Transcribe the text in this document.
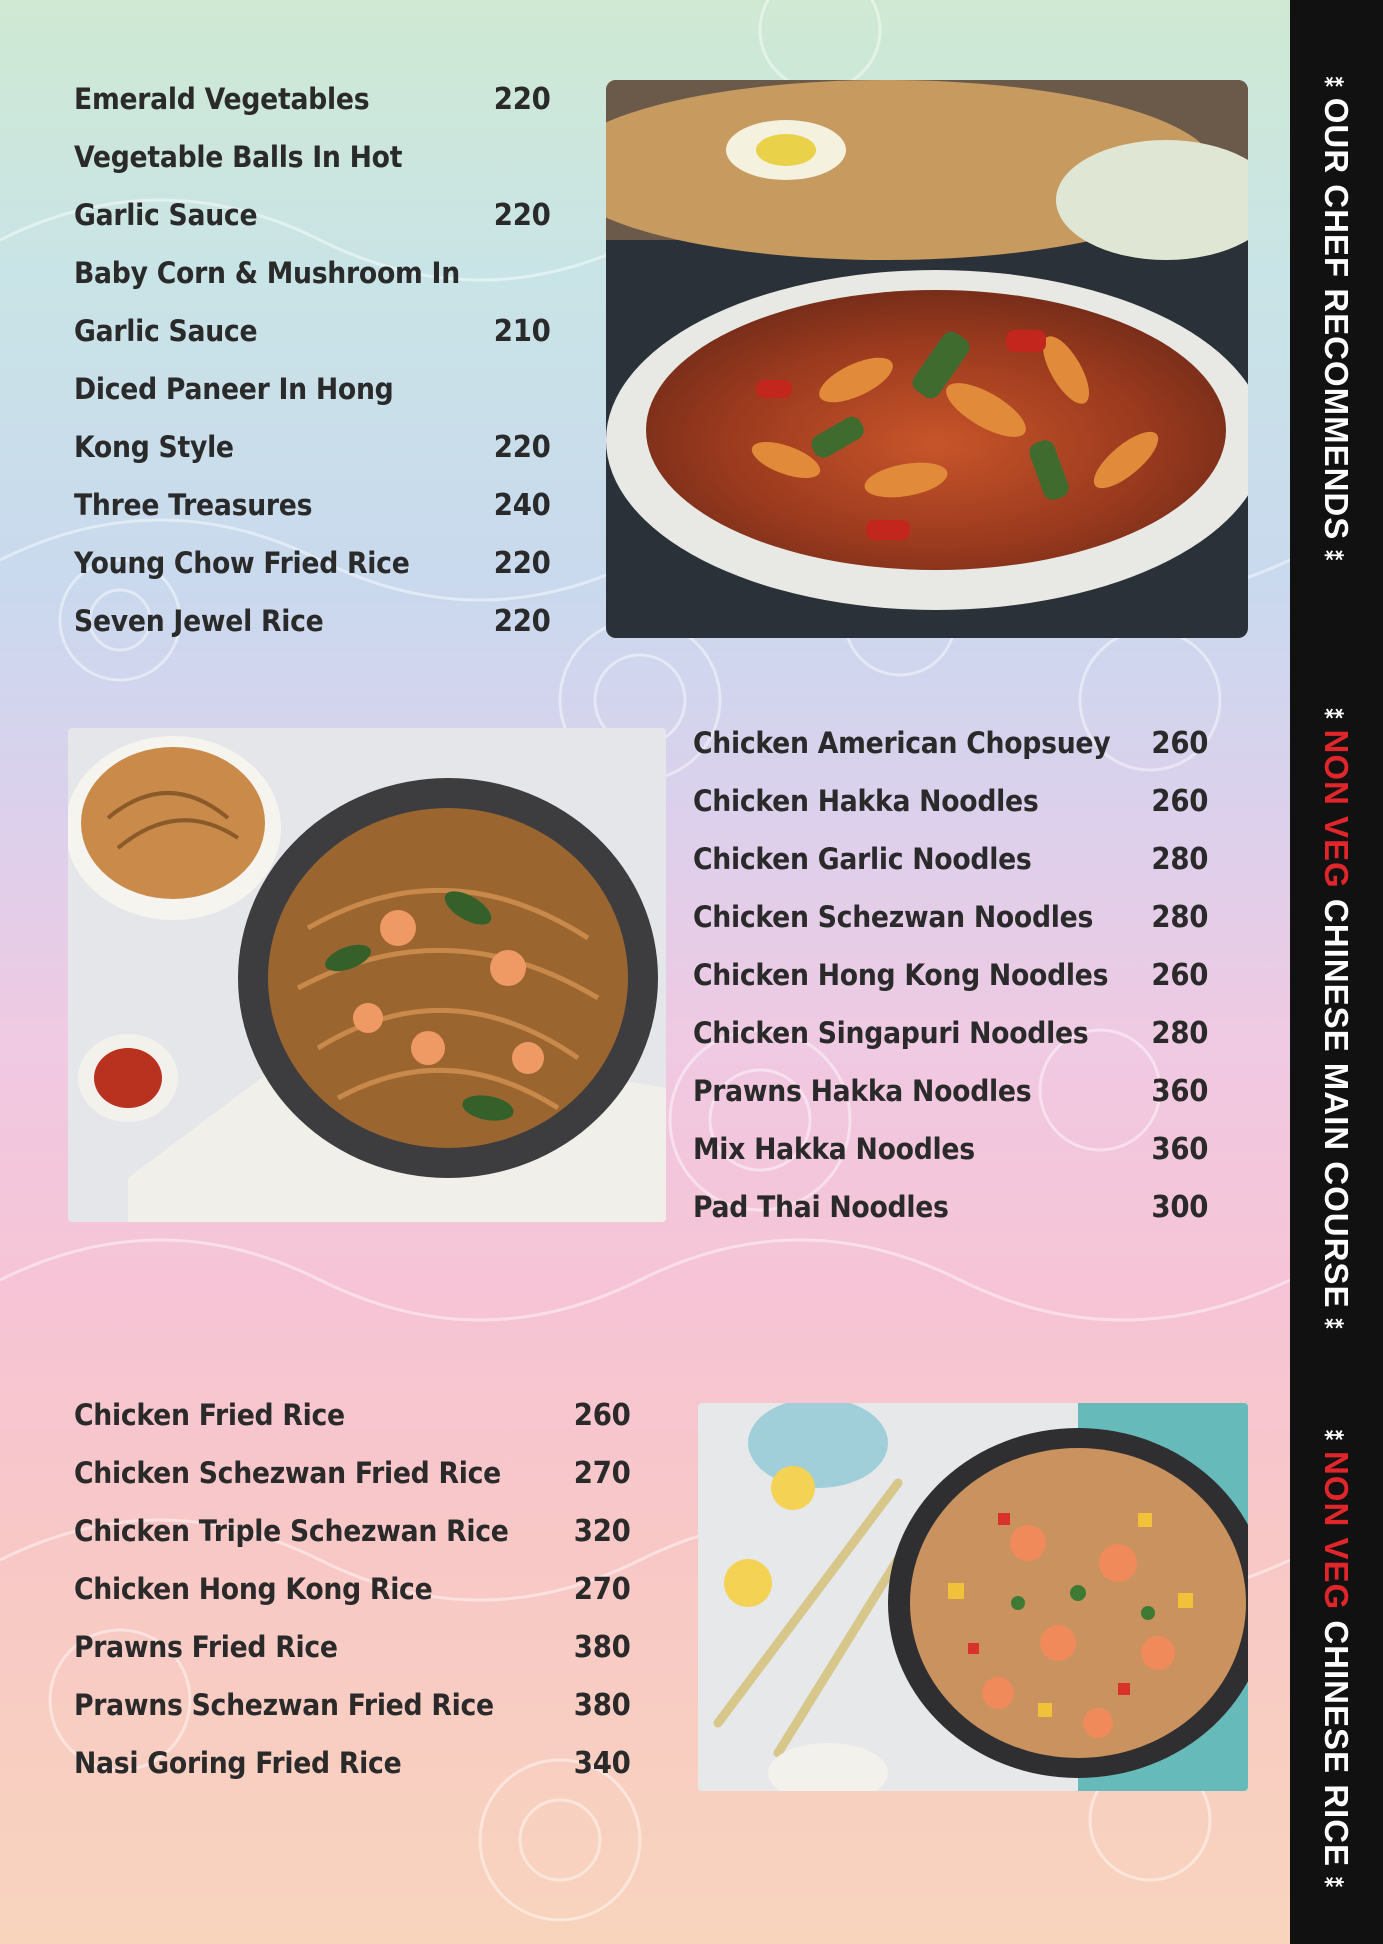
Emerald Vegetables	220
Vegetable Balls In Hot
Garlic Sauce	220
Baby Corn & Mushroom In
Garlic Sauce	210
Diced Paneer In Hong
Kong Style	220
Three Treasures	240
Young Chow Fried Rice	220
Seven Jewel Rice	220
Chicken American Chopsuey 260
Chicken Hakka Noodles	260
Chicken Garlic Noodles	280
Chicken Schezwan Noodles 280
Chicken Hong Kong Noodles 260
Chicken Singapuri Noodles 280
Prawns Hakka Noodles	360
Mix Hakka Noodles	360
Pad Thai Noodles	300
Chicken Fried Rice	260
Chicken Schezwan Fried Rice 270
Chicken Triple Schezwan Rice 320
Chicken Hong Kong Rice	270
Prawns Fried Rice	380
Prawns Schezwan Fried Rice	380
Nasi Goring Fried Rice	340
⁑OUR CHEF RECOMMENDS⁑
⁑NON VEG CHINESE MAIN COURSE⁑
⁑NON VEG CHINESE RICE⁑
